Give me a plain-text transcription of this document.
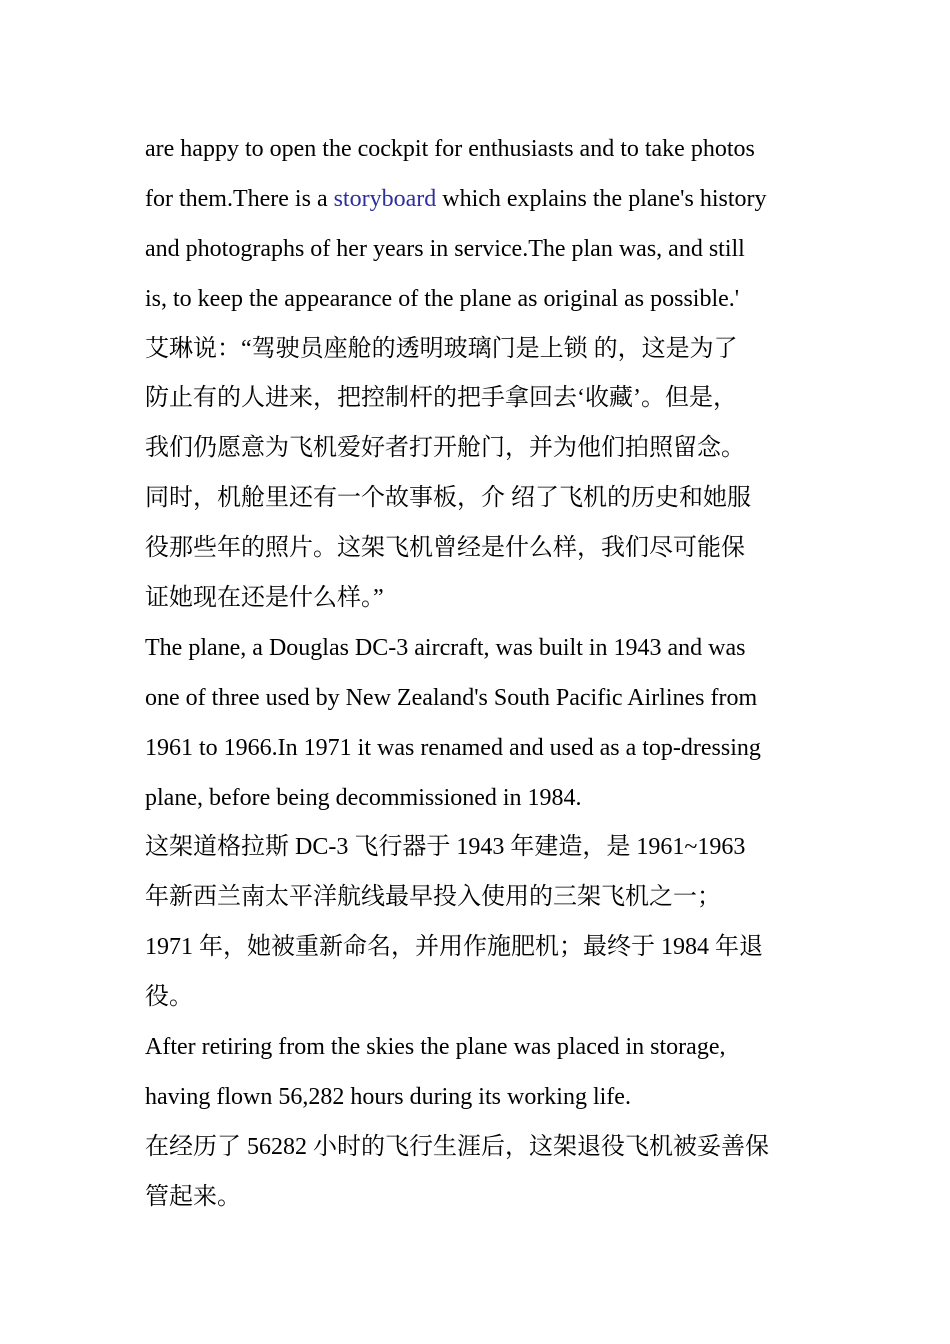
are happy to open the cockpit for enthusiasts and to take photos
for them.There is a storyboard which explains the plane's history
and photographs of her years in service.The plan was, and still
is, to keep the appearance of the plane as original as possible.'
艾琳说：“驾驶员座舱的透明玻璃门是上锁 的，这是为了
防止有的人进来，把控制杆的把手拿回去‘收藏’。但是，
我们仍愿意为飞机爱好者打开舱门，并为他们拍照留念。
同时，机舱里还有一个故事板，介 绍了飞机的历史和她服
役那些年的照片。这架飞机曾经是什么样，我们尽可能保
证她现在还是什么样。”
The plane, a Douglas DC-3 aircraft, was built in 1943 and was
one of three used by New Zealand's South Pacific Airlines from
1961 to 1966.In 1971 it was renamed and used as a top-dressing
plane, before being decommissioned in 1984.
这架道格拉斯 DC-3 飞行器于 1943 年建造，是 1961~1963
年新西兰南太平洋航线最早投入使用的三架飞机之一；
1971 年，她被重新命名，并用作施肥机；最终于 1984 年退
役。
After retiring from the skies the plane was placed in storage,
having flown 56,282 hours during its working life.
在经历了 56282 小时的飞行生涯后，这架退役飞机被妥善保
管起来。
